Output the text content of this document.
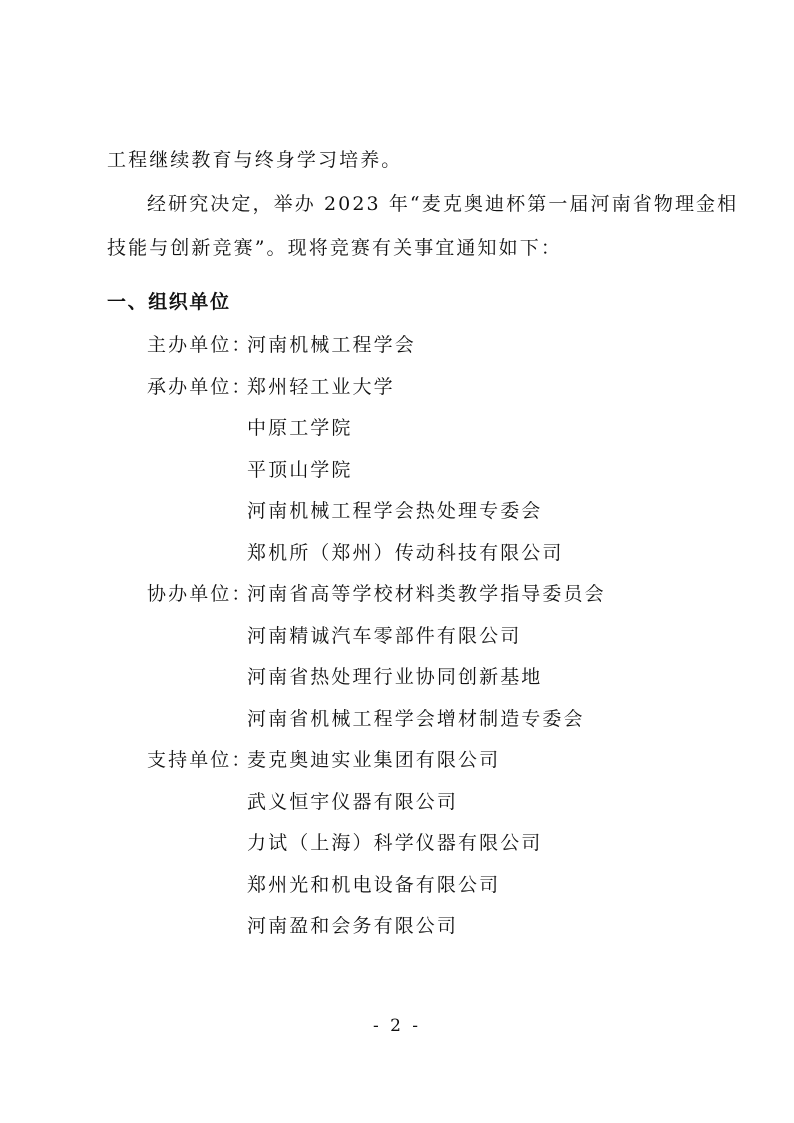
工程继续教育与终身学习培养。
经研究决定，举办 2023 年“麦克奥迪杯第一届河南省物理金相
技能与创新竞赛”。现将竞赛有关事宜通知如下：
一、组织单位
主办单位：
河南机械工程学会
承办单位：
郑州轻工业大学
中原工学院
平顶山学院
河南机械工程学会热处理专委会
郑机所（郑州）传动科技有限公司
协办单位：
河南省高等学校材料类教学指导委员会
河南精诚汽车零部件有限公司
河南省热处理行业协同创新基地
河南省机械工程学会增材制造专委会
支持单位：
麦克奥迪实业集团有限公司
武义恒宇仪器有限公司
力试（上海）科学仪器有限公司
郑州光和机电设备有限公司
河南盈和会务有限公司
- 2 -
